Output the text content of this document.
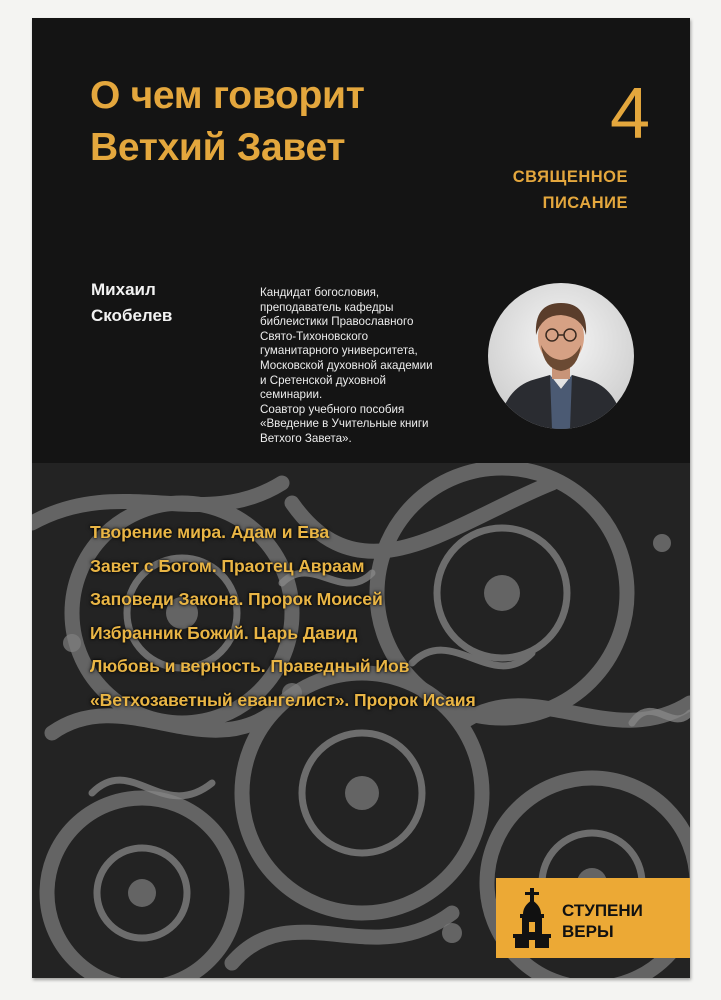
О чем говорит
Ветхий Завет	4
СВЯЩЕННОЕ
ПИСАНИЕ
Михаил
Скобелев
Кандидат богословия,
преподаватель кафедры
библеистики Православного
Свято-Тихоновского
гуманитарного университета,
Московской духовной академии
и Сретенской духовной
семинарии.
Соавтор учебного пособия
«Введение в Учительные книги
Ветхого Завета».
Творение мира. Адам и Ева
Завет с Богом. Праотец Авраам
Заповеди Закона. Пророк Моисей
Избранник Божий. Царь Давид
Любовь и верность. Праведный Иов
«Ветхозаветный евангелист». Пророк Исаия
СТУПЕНИ
ВЕРЫ
